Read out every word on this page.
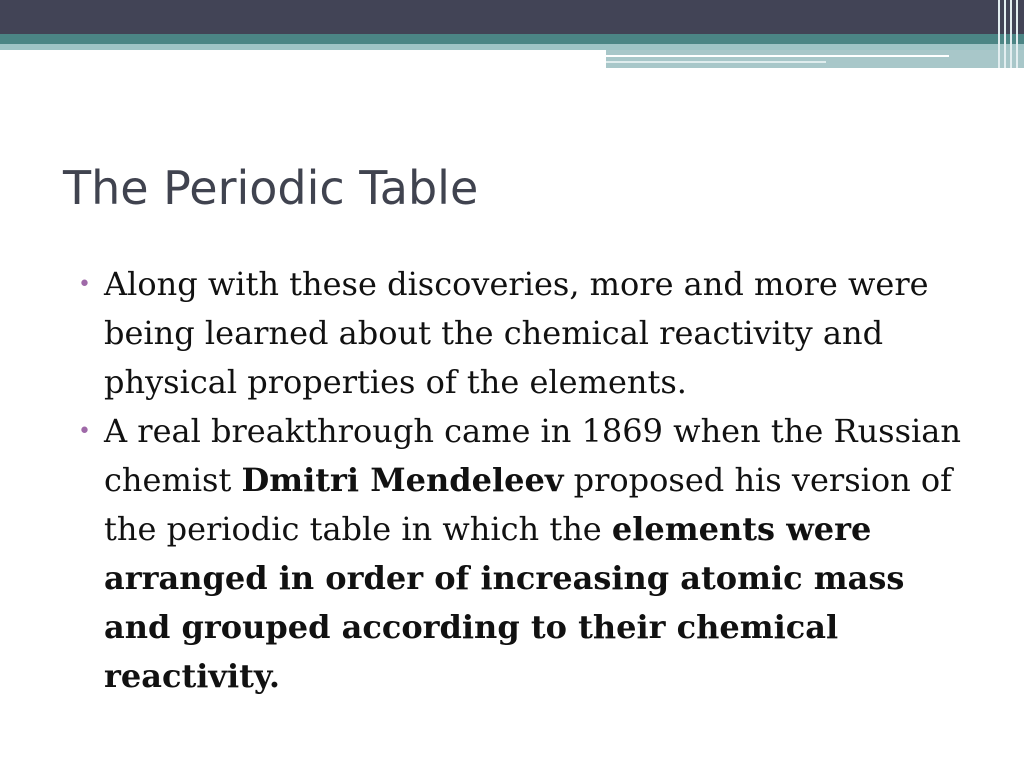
The Periodic Table
• Along with these discoveries, more and more were being learned about the chemical reactivity and physical properties of the elements.
• A real breakthrough came in 1869 when the Russian chemist Dmitri Mendeleev proposed his version of the periodic table in which the elements were arranged in order of increasing atomic mass and grouped according to their chemical reactivity.
